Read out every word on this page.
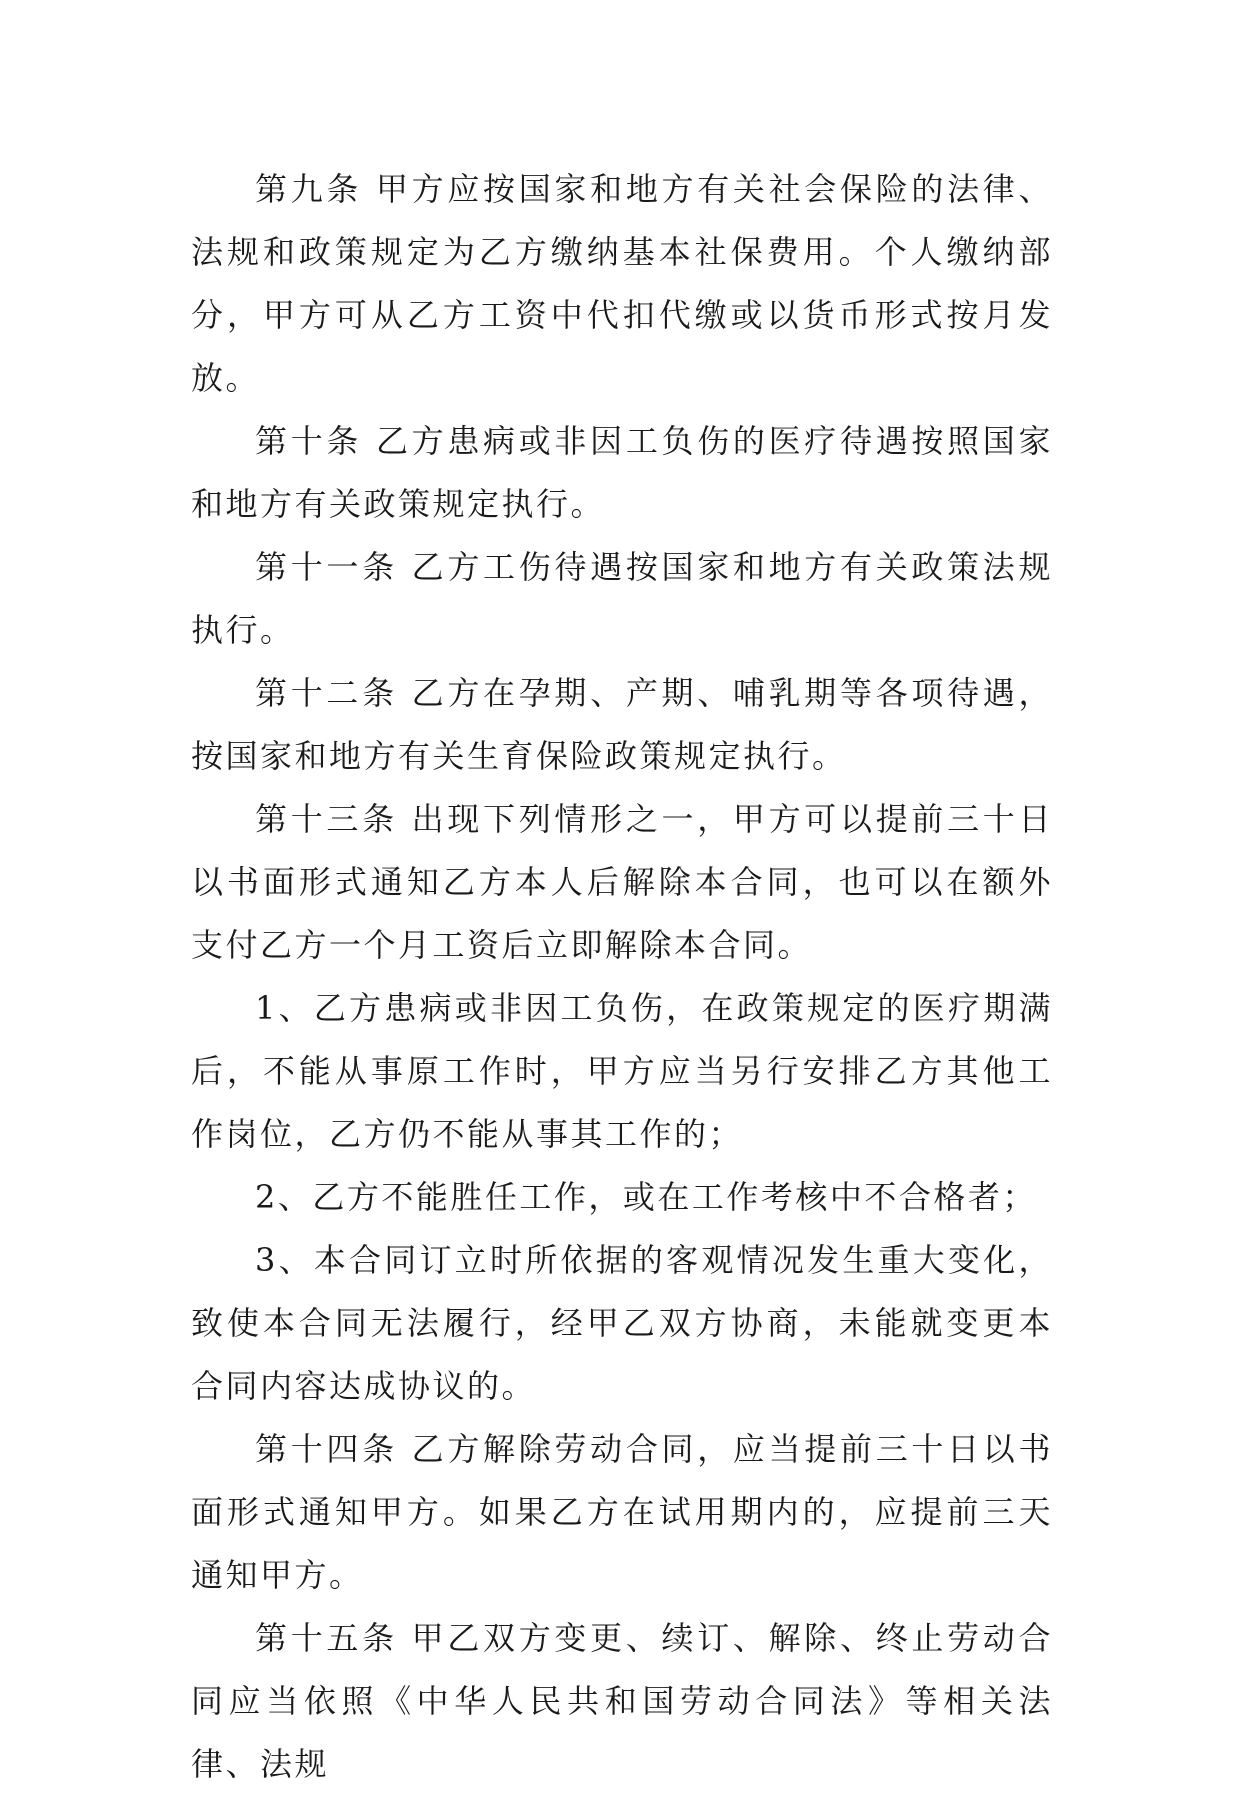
第九条 甲方应按国家和地方有关社会保险的法律、法规和政策规定为乙方缴纳基本社保费用。个人缴纳部分，甲方可从乙方工资中代扣代缴或以货币形式按月发放。

第十条 乙方患病或非因工负伤的医疗待遇按照国家和地方有关政策规定执行。

第十一条 乙方工伤待遇按国家和地方有关政策法规执行。

第十二条 乙方在孕期、产期、哺乳期等各项待遇，按国家和地方有关生育保险政策规定执行。

第十三条 出现下列情形之一，甲方可以提前三十日以书面形式通知乙方本人后解除本合同，也可以在额外支付乙方一个月工资后立即解除本合同。

1、乙方患病或非因工负伤，在政策规定的医疗期满后，不能从事原工作时，甲方应当另行安排乙方其他工作岗位，乙方仍不能从事其工作的；

2、乙方不能胜任工作，或在工作考核中不合格者；

3、本合同订立时所依据的客观情况发生重大变化，致使本合同无法履行，经甲乙双方协商，未能就变更本合同内容达成协议的。

第十四条 乙方解除劳动合同，应当提前三十日以书面形式通知甲方。如果乙方在试用期内的，应提前三天通知甲方。

第十五条 甲乙双方变更、续订、解除、终止劳动合同应当依照《中华人民共和国劳动合同法》等相关法律、法规
